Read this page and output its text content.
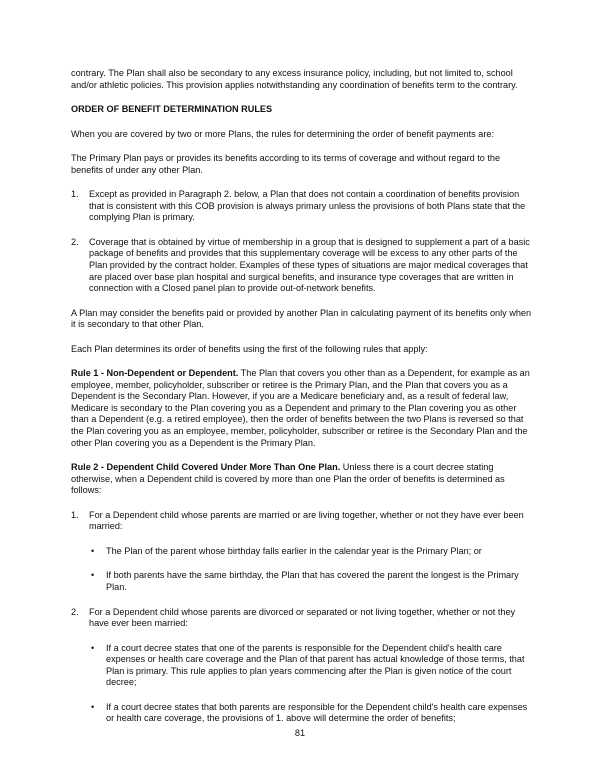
contrary. The Plan shall also be secondary to any excess insurance policy, including, but not limited to, school and/or athletic policies. This provision applies notwithstanding any coordination of benefits term to the contrary.

ORDER OF BENEFIT DETERMINATION RULES

When you are covered by two or more Plans, the rules for determining the order of benefit payments are:

The Primary Plan pays or provides its benefits according to its terms of coverage and without regard to the benefits of under any other Plan.

1. Except as provided in Paragraph 2. below, a Plan that does not contain a coordination of benefits provision that is consistent with this COB provision is always primary unless the provisions of both Plans state that the complying Plan is primary.
2. Coverage that is obtained by virtue of membership in a group that is designed to supplement a part of a basic package of benefits and provides that this supplementary coverage will be excess to any other parts of the Plan provided by the contract holder. Examples of these types of situations are major medical coverages that are placed over base plan hospital and surgical benefits, and insurance type coverages that are written in connection with a Closed panel plan to provide out-of-network benefits.

A Plan may consider the benefits paid or provided by another Plan in calculating payment of its benefits only when it is secondary to that other Plan.

Each Plan determines its order of benefits using the first of the following rules that apply:

Rule 1 - Non-Dependent or Dependent. The Plan that covers you other than as a Dependent, for example as an employee, member, policyholder, subscriber or retiree is the Primary Plan, and the Plan that covers you as a Dependent is the Secondary Plan. However, if you are a Medicare beneficiary and, as a result of federal law, Medicare is secondary to the Plan covering you as a Dependent and primary to the Plan covering you as other than a Dependent (e.g. a retired employee), then the order of benefits between the two Plans is reversed so that the Plan covering you as an employee, member, policyholder, subscriber or retiree is the Secondary Plan and the other Plan covering you as a Dependent is the Primary Plan.

Rule 2 - Dependent Child Covered Under More Than One Plan. Unless there is a court decree stating otherwise, when a Dependent child is covered by more than one Plan the order of benefits is determined as follows:

1. For a Dependent child whose parents are married or are living together, whether or not they have ever been married:
• The Plan of the parent whose birthday falls earlier in the calendar year is the Primary Plan; or
• If both parents have the same birthday, the Plan that has covered the parent the longest is the Primary Plan.
2. For a Dependent child whose parents are divorced or separated or not living together, whether or not they have ever been married:
• If a court decree states that one of the parents is responsible for the Dependent child's health care expenses or health care coverage and the Plan of that parent has actual knowledge of those terms, that Plan is primary. This rule applies to plan years commencing after the Plan is given notice of the court decree;
• If a court decree states that both parents are responsible for the Dependent child's health care expenses or health care coverage, the provisions of 1. above will determine the order of benefits;
81
